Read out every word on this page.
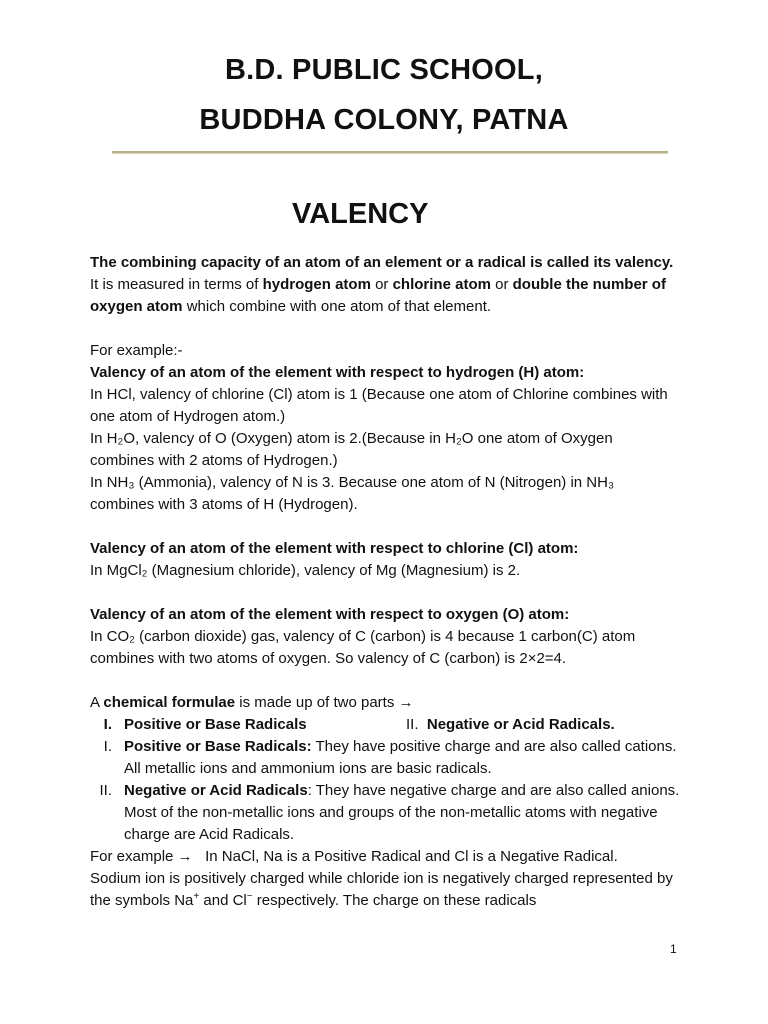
B.D. PUBLIC SCHOOL,
BUDDHA COLONY, PATNA
VALENCY

The combining capacity of an atom of an element or a radical is called its valency. It is measured in terms of hydrogen atom or chlorine atom or double the number of oxygen atom which combine with one atom of that element.

For example:-

Valency of an atom of the element with respect to hydrogen (H) atom:

In HCl, valency of chlorine (Cl) atom is 1 (Because one atom of Chlorine combines with one atom of Hydrogen atom.)

In H₂O, valency of O (Oxygen) atom is 2.(Because in H₂O one atom of Oxygen combines with 2 atoms of Hydrogen.)

In NH₃ (Ammonia), valency of N is 3. Because one atom of N (Nitrogen) in NH₃ combines with 3 atoms of H (Hydrogen).

Valency of an atom of the element with respect to chlorine (Cl) atom:

In MgCl₂ (Magnesium chloride), valency of Mg (Magnesium) is 2.

Valency of an atom of the element with respect to oxygen (O) atom:

In CO₂ (carbon dioxide) gas, valency of C (carbon) is 4 because 1 carbon(C) atom combines with two atoms of oxygen. So valency of C (carbon) is 2×2=4.

A chemical formulae is made up of two parts →

I. Positive or Base Radicals	II. Negative or Acid Radicals.
I. Positive or Base Radicals: They have positive charge and are also called cations. All metallic ions and ammonium ions are basic radicals.
II. Negative or Acid Radicals: They have negative charge and are also called anions. Most of the non-metallic ions and groups of the non-metallic atoms with negative charge are Acid Radicals.

For example → In NaCl, Na is a Positive Radical and Cl is a Negative Radical.

Sodium ion is positively charged while chloride ion is negatively charged represented by the symbols Na+ and Cl− respectively. The charge on these radicals

1
